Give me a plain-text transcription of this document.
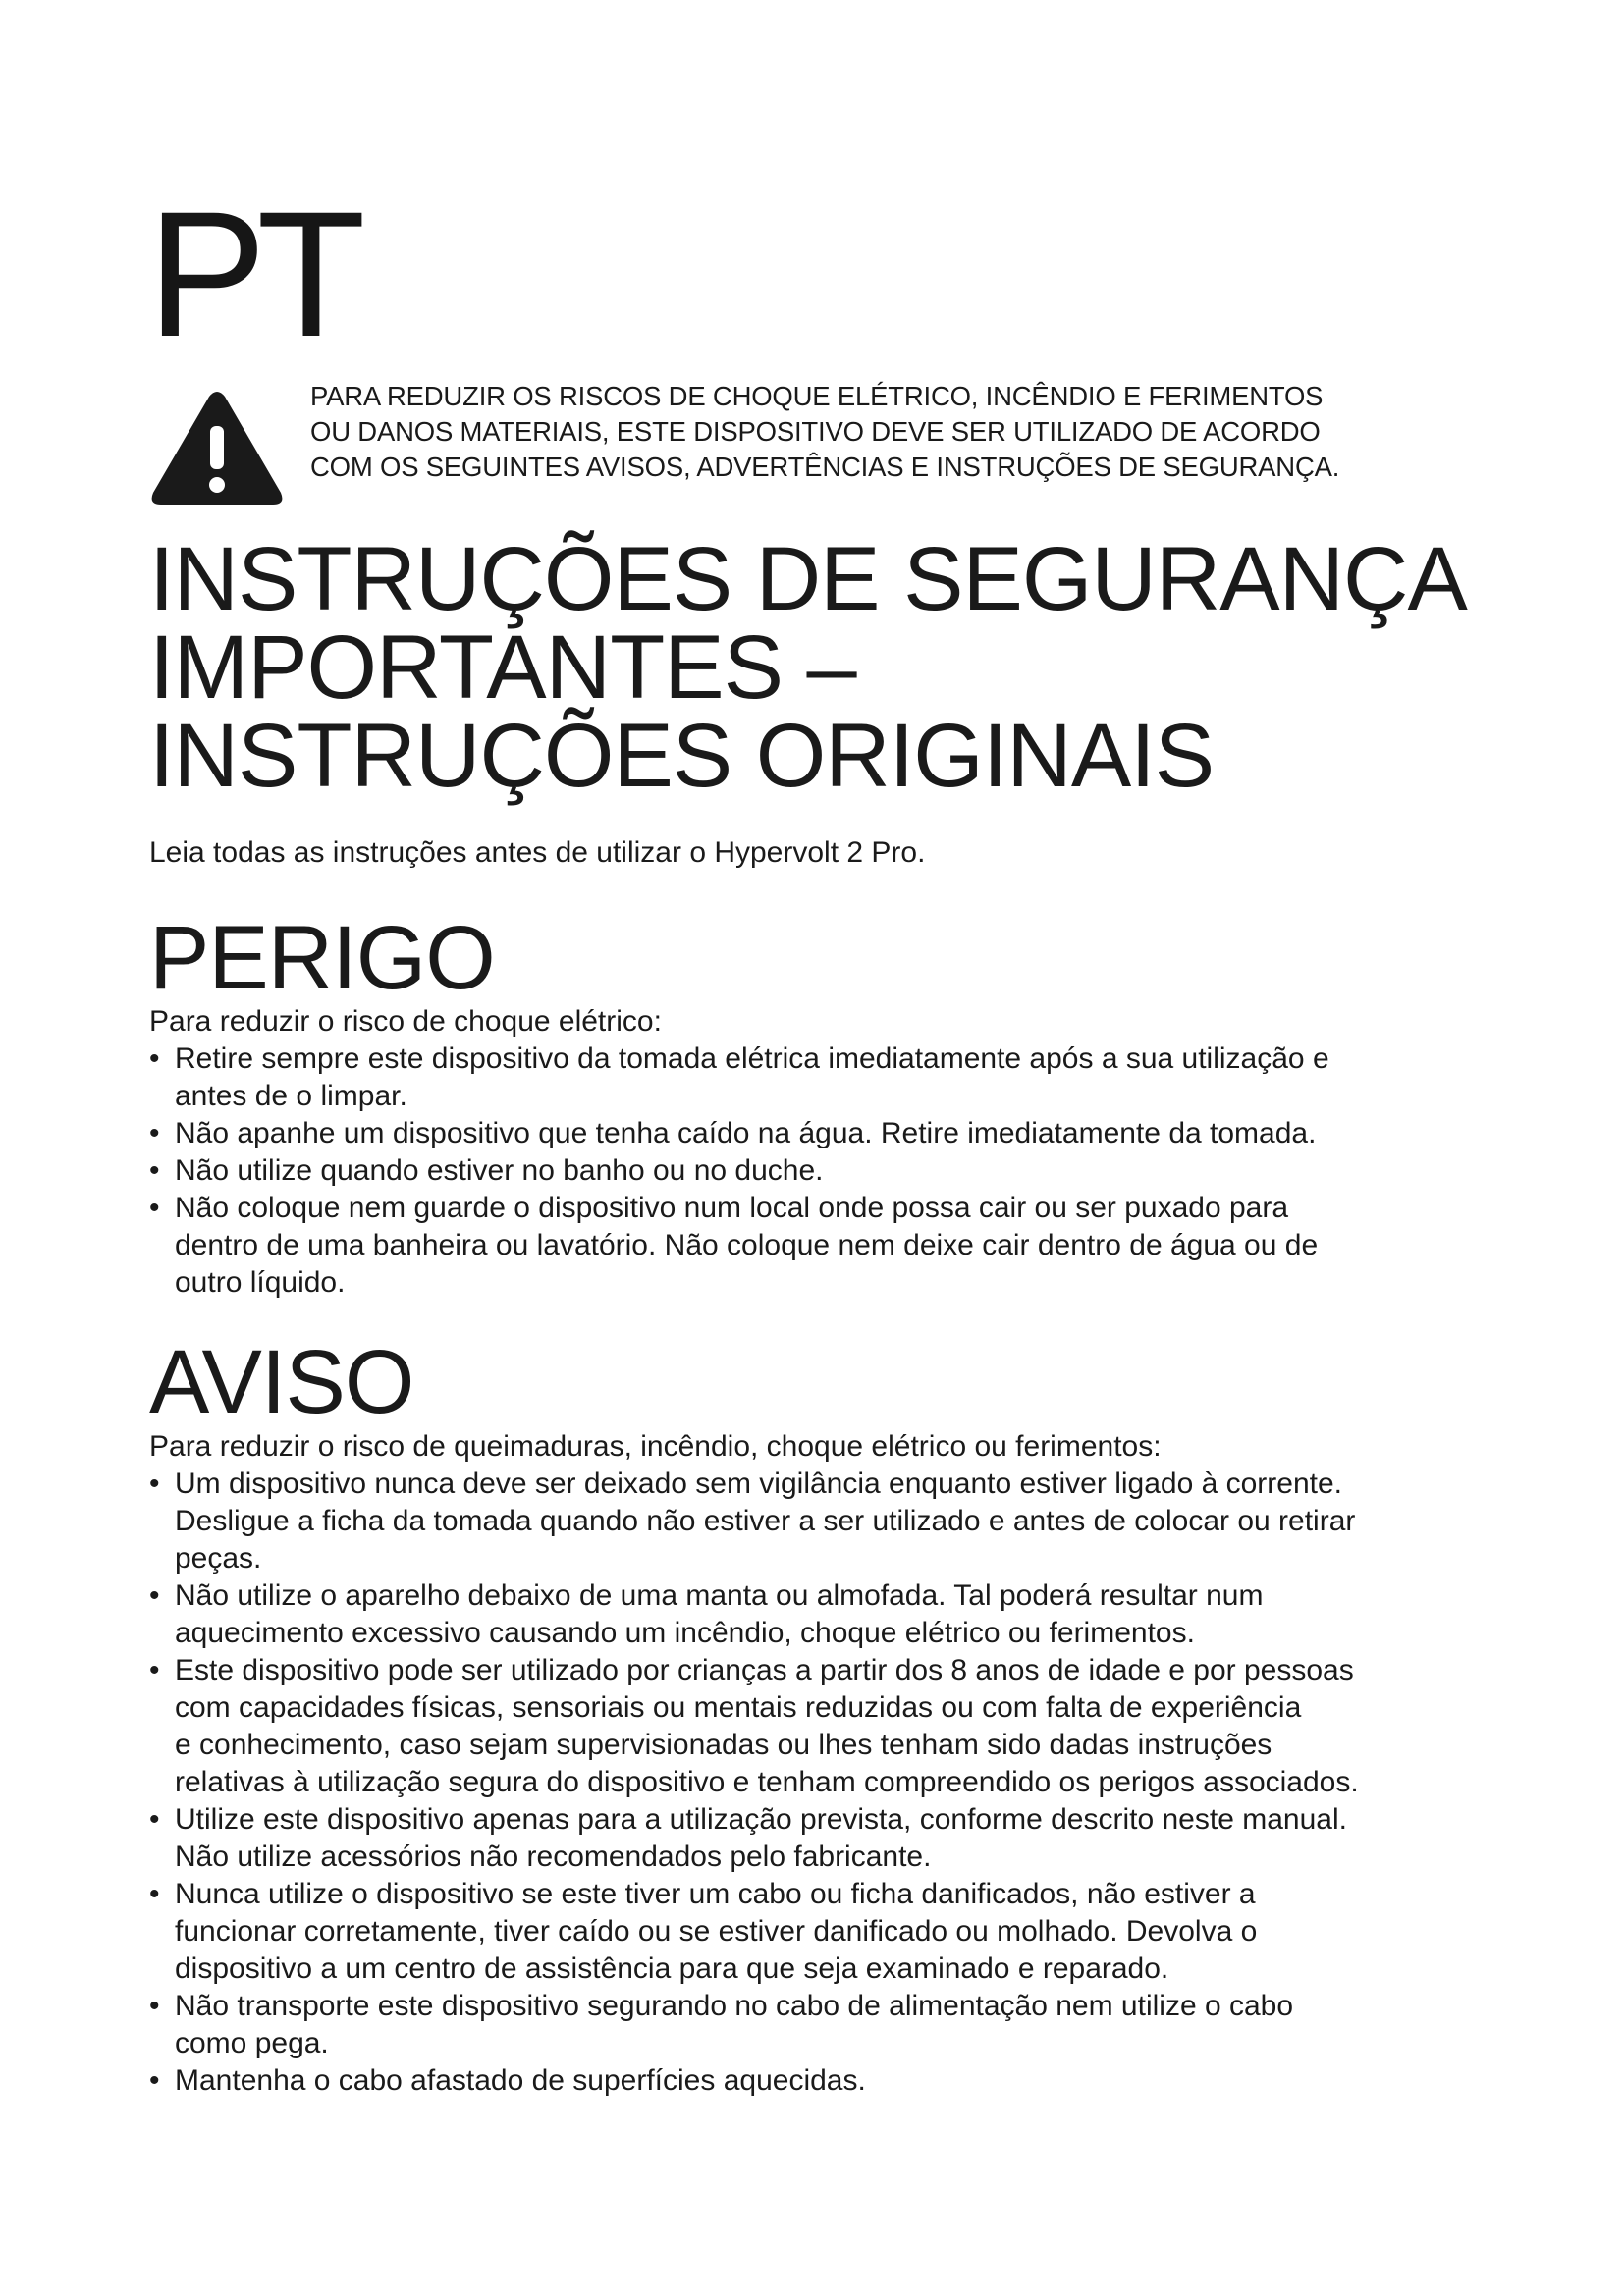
PT
PARA REDUZIR OS RISCOS DE CHOQUE ELÉTRICO, INCÊNDIO E FERIMENTOS
OU DANOS MATERIAIS, ESTE DISPOSITIVO DEVE SER UTILIZADO DE ACORDO
COM OS SEGUINTES AVISOS, ADVERTÊNCIAS E INSTRUÇÕES DE SEGURANÇA.
INSTRUÇÕES DE SEGURANÇA
IMPORTANTES –
INSTRUÇÕES ORIGINAIS
Leia todas as instruções antes de utilizar o Hypervolt 2 Pro.
PERIGO
Para reduzir o risco de choque elétrico:
• Retire sempre este dispositivo da tomada elétrica imediatamente após a sua utilização e
antes de o limpar.
• Não apanhe um dispositivo que tenha caído na água. Retire imediatamente da tomada.
• Não utilize quando estiver no banho ou no duche.
• Não coloque nem guarde o dispositivo num local onde possa cair ou ser puxado para
dentro de uma banheira ou lavatório. Não coloque nem deixe cair dentro de água ou de
outro líquido.
AVISO
Para reduzir o risco de queimaduras, incêndio, choque elétrico ou ferimentos:
• Um dispositivo nunca deve ser deixado sem vigilância enquanto estiver ligado à corrente.
Desligue a ficha da tomada quando não estiver a ser utilizado e antes de colocar ou retirar
peças.
• Não utilize o aparelho debaixo de uma manta ou almofada. Tal poderá resultar num
aquecimento excessivo causando um incêndio, choque elétrico ou ferimentos.
• Este dispositivo pode ser utilizado por crianças a partir dos 8 anos de idade e por pessoas
com capacidades físicas, sensoriais ou mentais reduzidas ou com falta de experiência
e conhecimento, caso sejam supervisionadas ou lhes tenham sido dadas instruções
relativas à utilização segura do dispositivo e tenham compreendido os perigos associados.
• Utilize este dispositivo apenas para a utilização prevista, conforme descrito neste manual.
Não utilize acessórios não recomendados pelo fabricante.
• Nunca utilize o dispositivo se este tiver um cabo ou ficha danificados, não estiver a
funcionar corretamente, tiver caído ou se estiver danificado ou molhado. Devolva o
dispositivo a um centro de assistência para que seja examinado e reparado.
• Não transporte este dispositivo segurando no cabo de alimentação nem utilize o cabo
como pega.
• Mantenha o cabo afastado de superfícies aquecidas.
